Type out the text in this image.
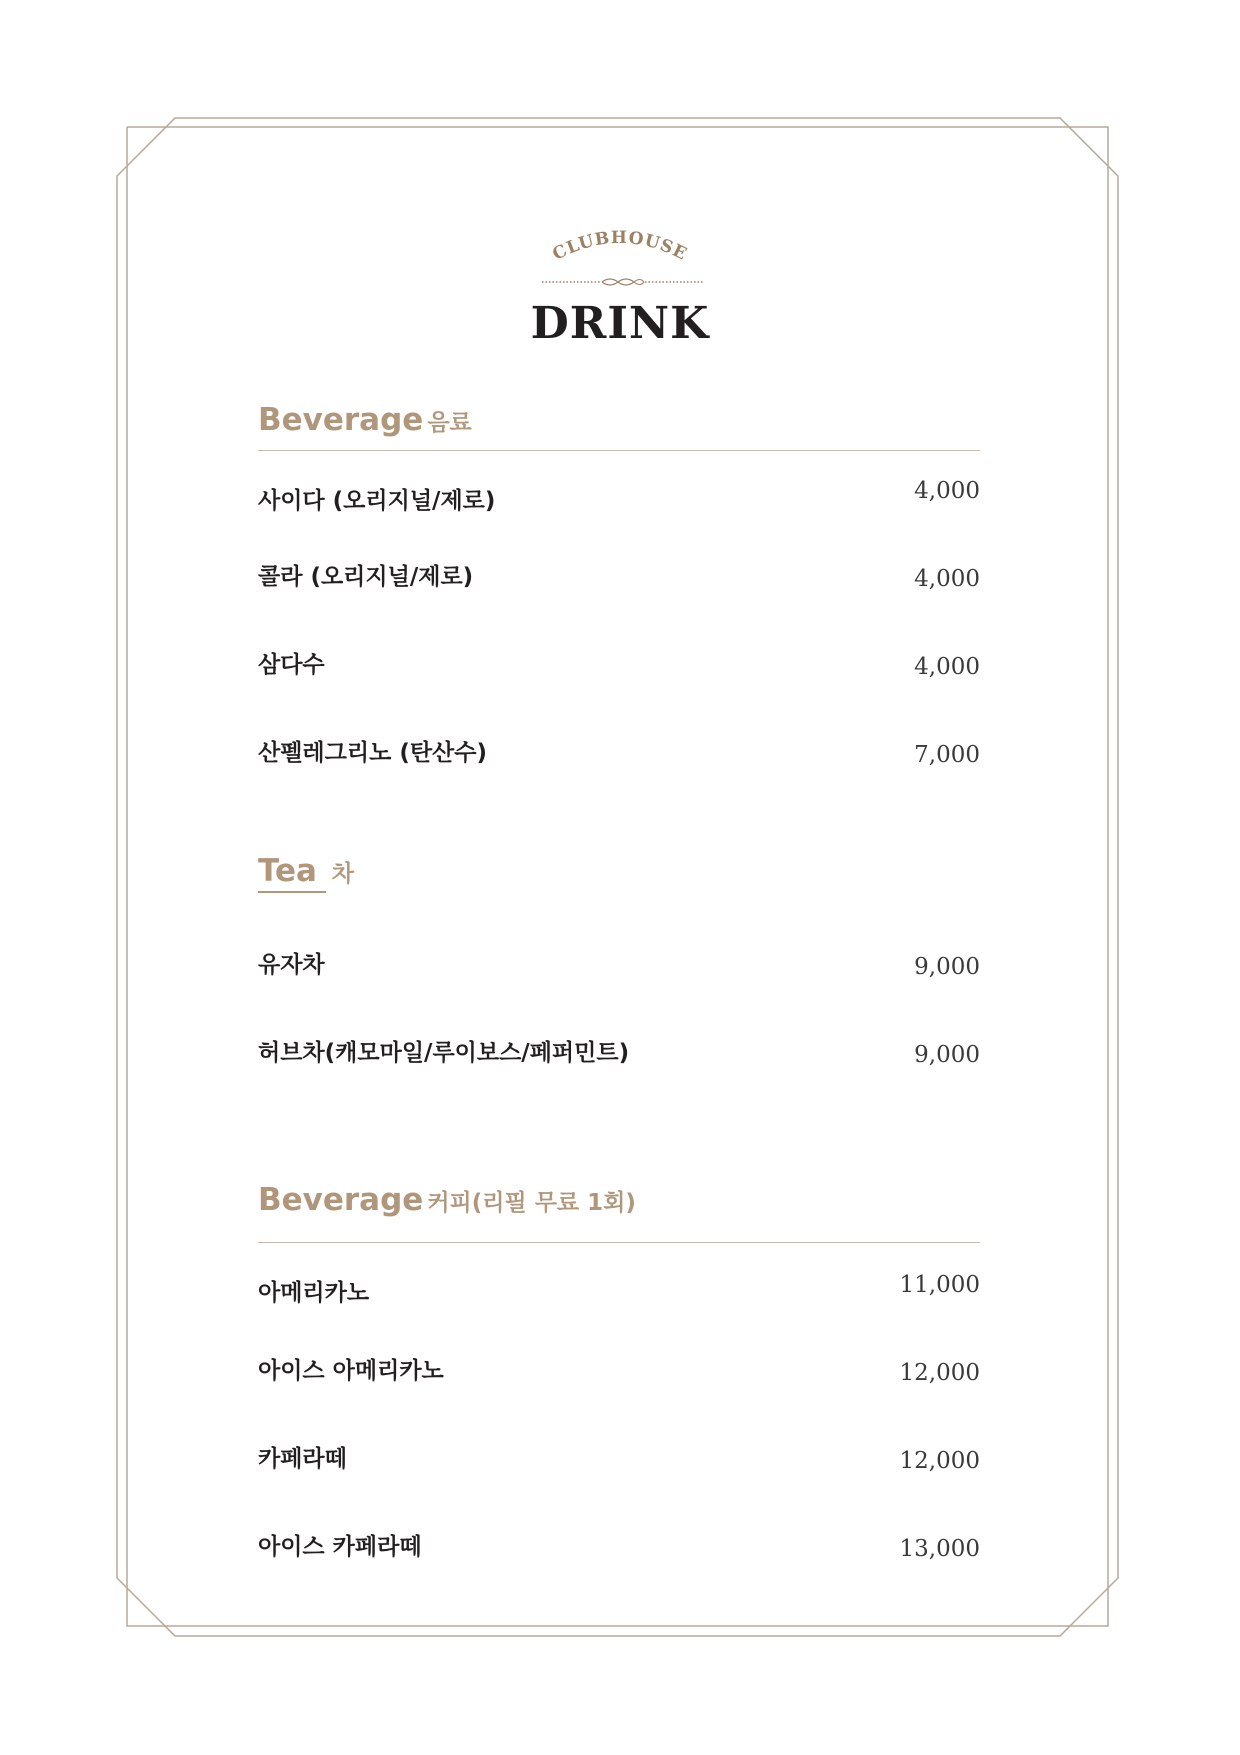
CLUBHOUSE
DRINK
Beverage 음료
사이다 (오리지널/제로)	4,000
콜라 (오리지널/제로)	4,000
삼다수	4,000
산펠레그리노 (탄산수)	7,000
Tea 차
유자차	9,000
허브차(캐모마일/루이보스/페퍼민트)	9,000
Beverage 커피(리필 무료 1회)
아메리카노	11,000
아이스 아메리카노	12,000
카페라떼	12,000
아이스 카페라떼	13,000
